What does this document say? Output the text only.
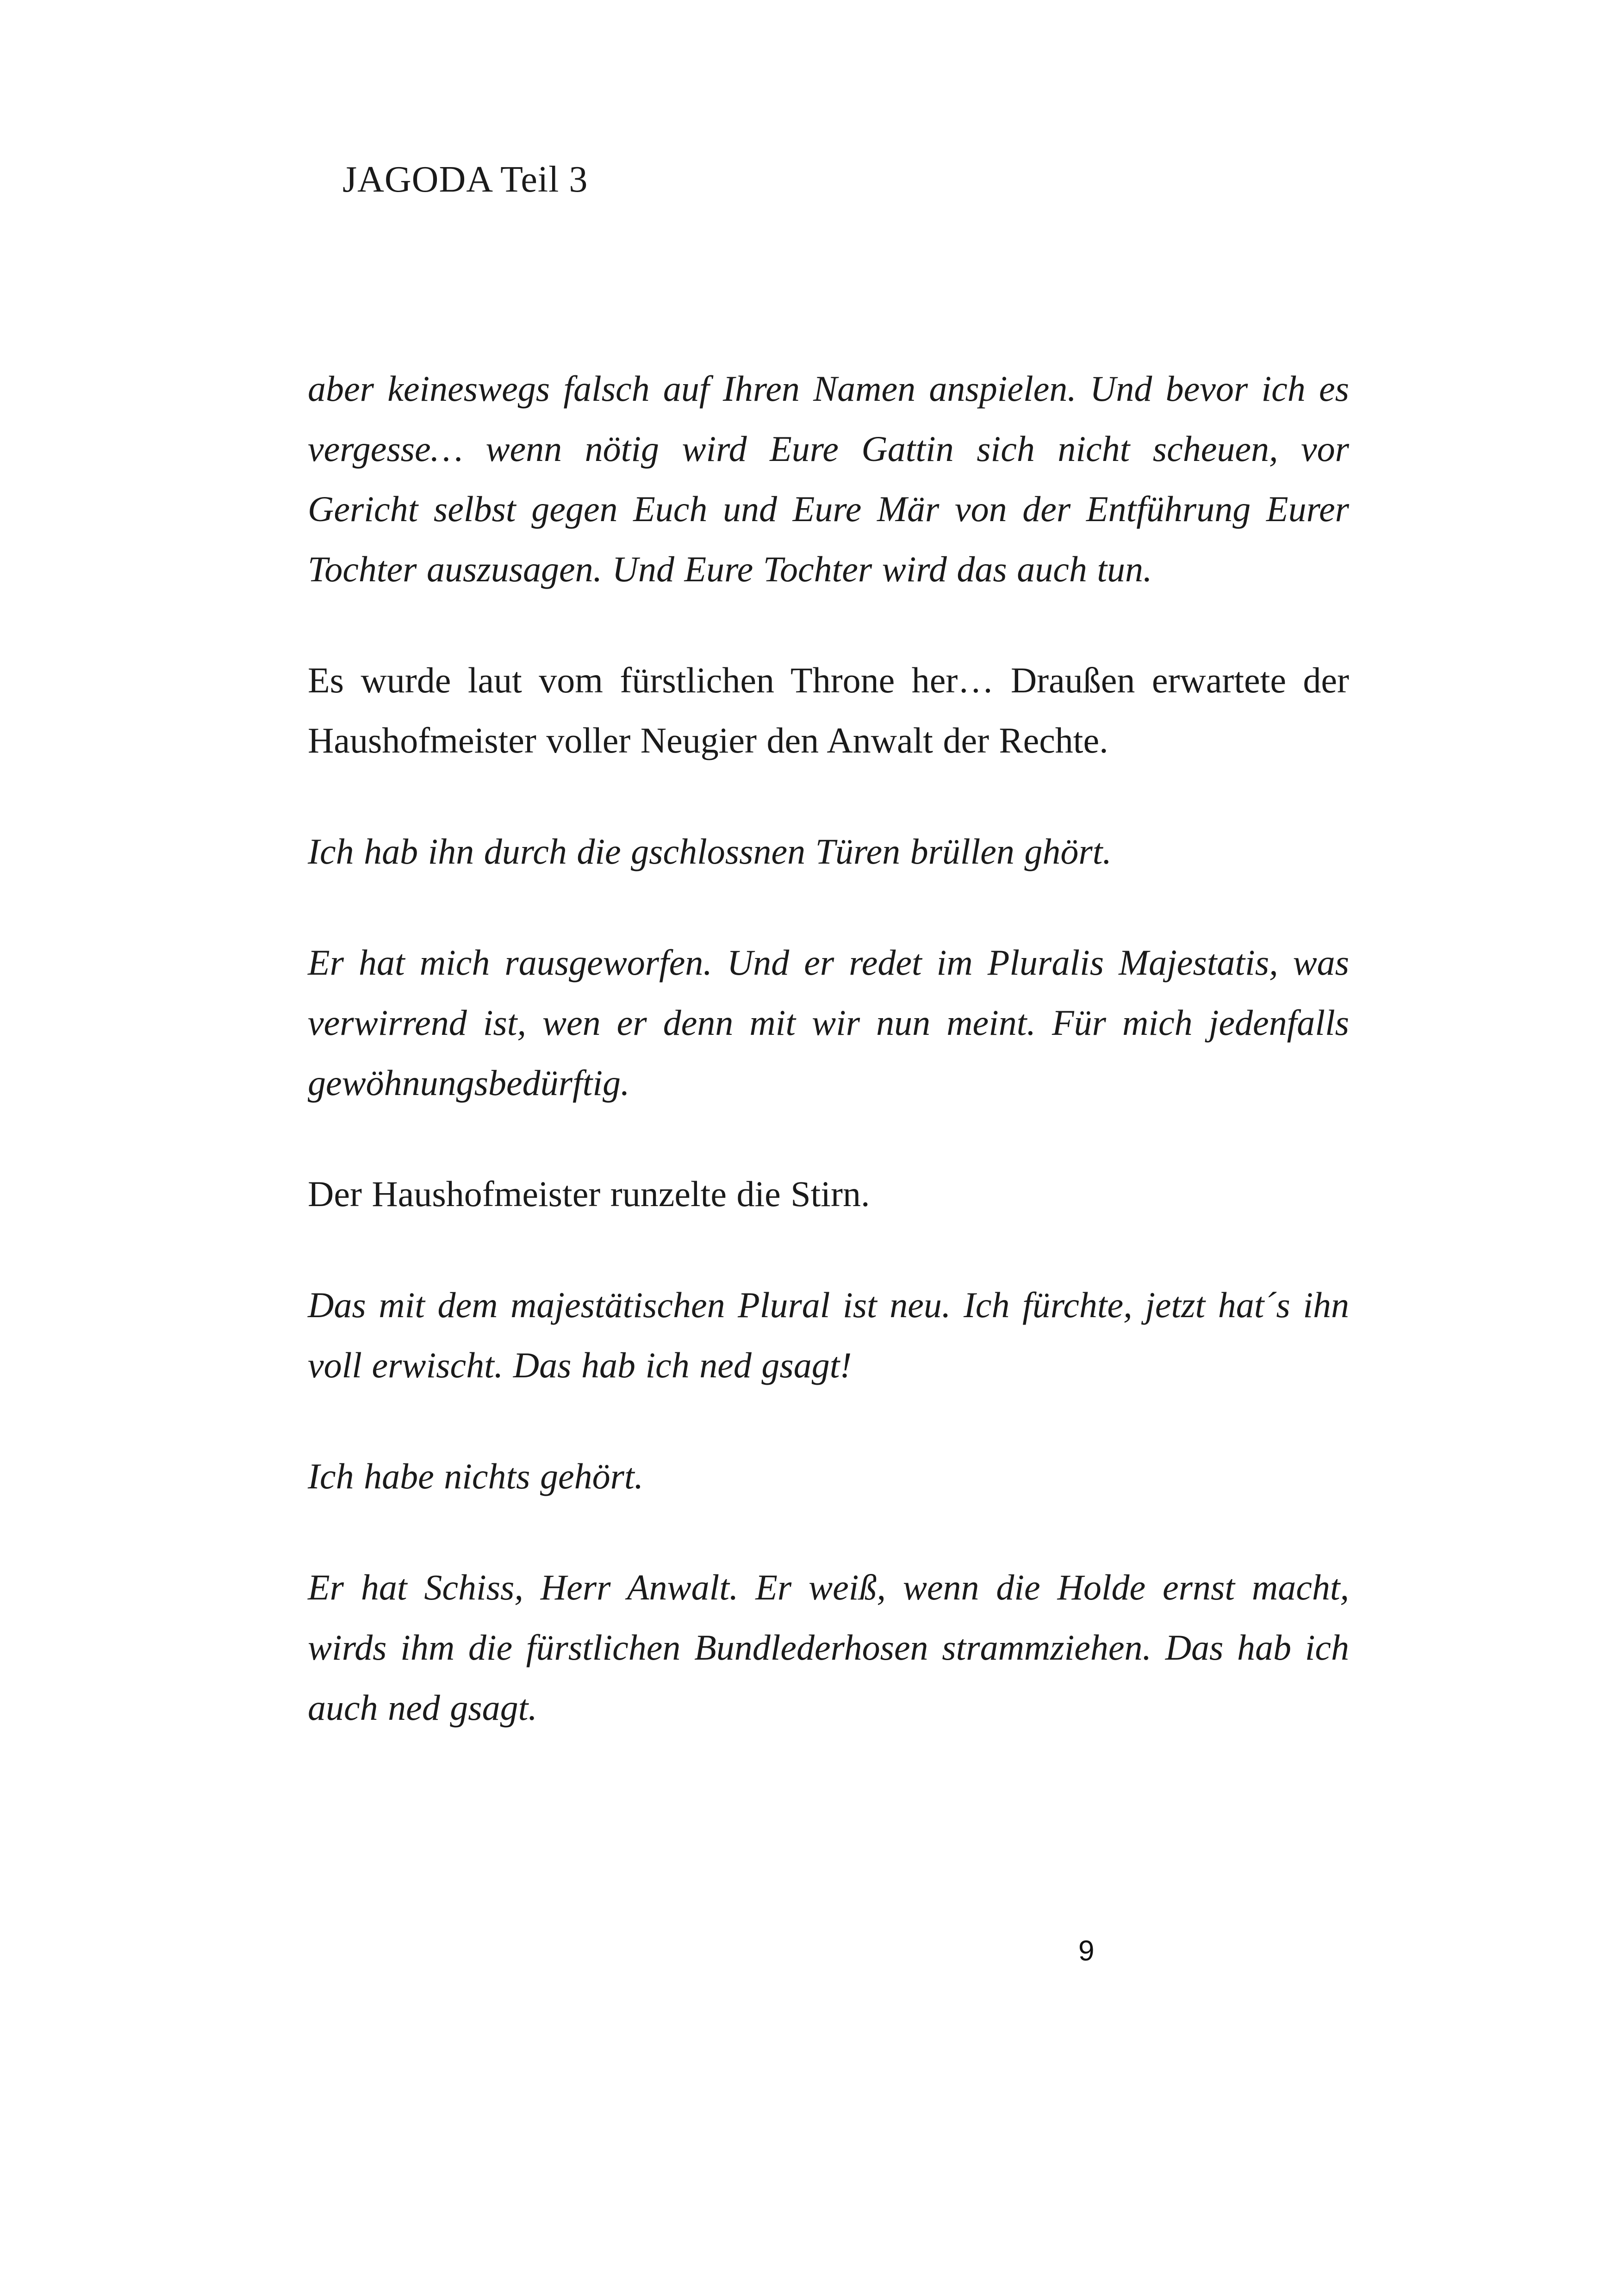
JAGODA Teil 3

aber keineswegs falsch auf Ihren Namen anspielen. Und bevor ich es vergesse… wenn nötig wird Eure Gattin sich nicht scheuen, vor Gericht selbst gegen Euch und Eure Mär von der Entführung Eurer Tochter auszusagen. Und Eure Tochter wird das auch tun.

Es wurde laut vom fürstlichen Throne her… Draußen erwartete der Haushofmeister voller Neugier den Anwalt der Rechte.

Ich hab ihn durch die gschlossnen Türen brüllen ghört.

Er hat mich rausgeworfen. Und er redet im Pluralis Majestatis, was verwirrend ist, wen er denn mit wir nun meint. Für mich jedenfalls gewöhnungsbedürftig.

Der Haushofmeister runzelte die Stirn.

Das mit dem majestätischen Plural ist neu. Ich fürchte, jetzt hat´s ihn voll erwischt. Das hab ich ned gsagt!

Ich habe nichts gehört.

Er hat Schiss, Herr Anwalt. Er weiß, wenn die Holde ernst macht, wirds ihm die fürstlichen Bundlederhosen strammziehen. Das hab ich auch ned gsagt.

9
